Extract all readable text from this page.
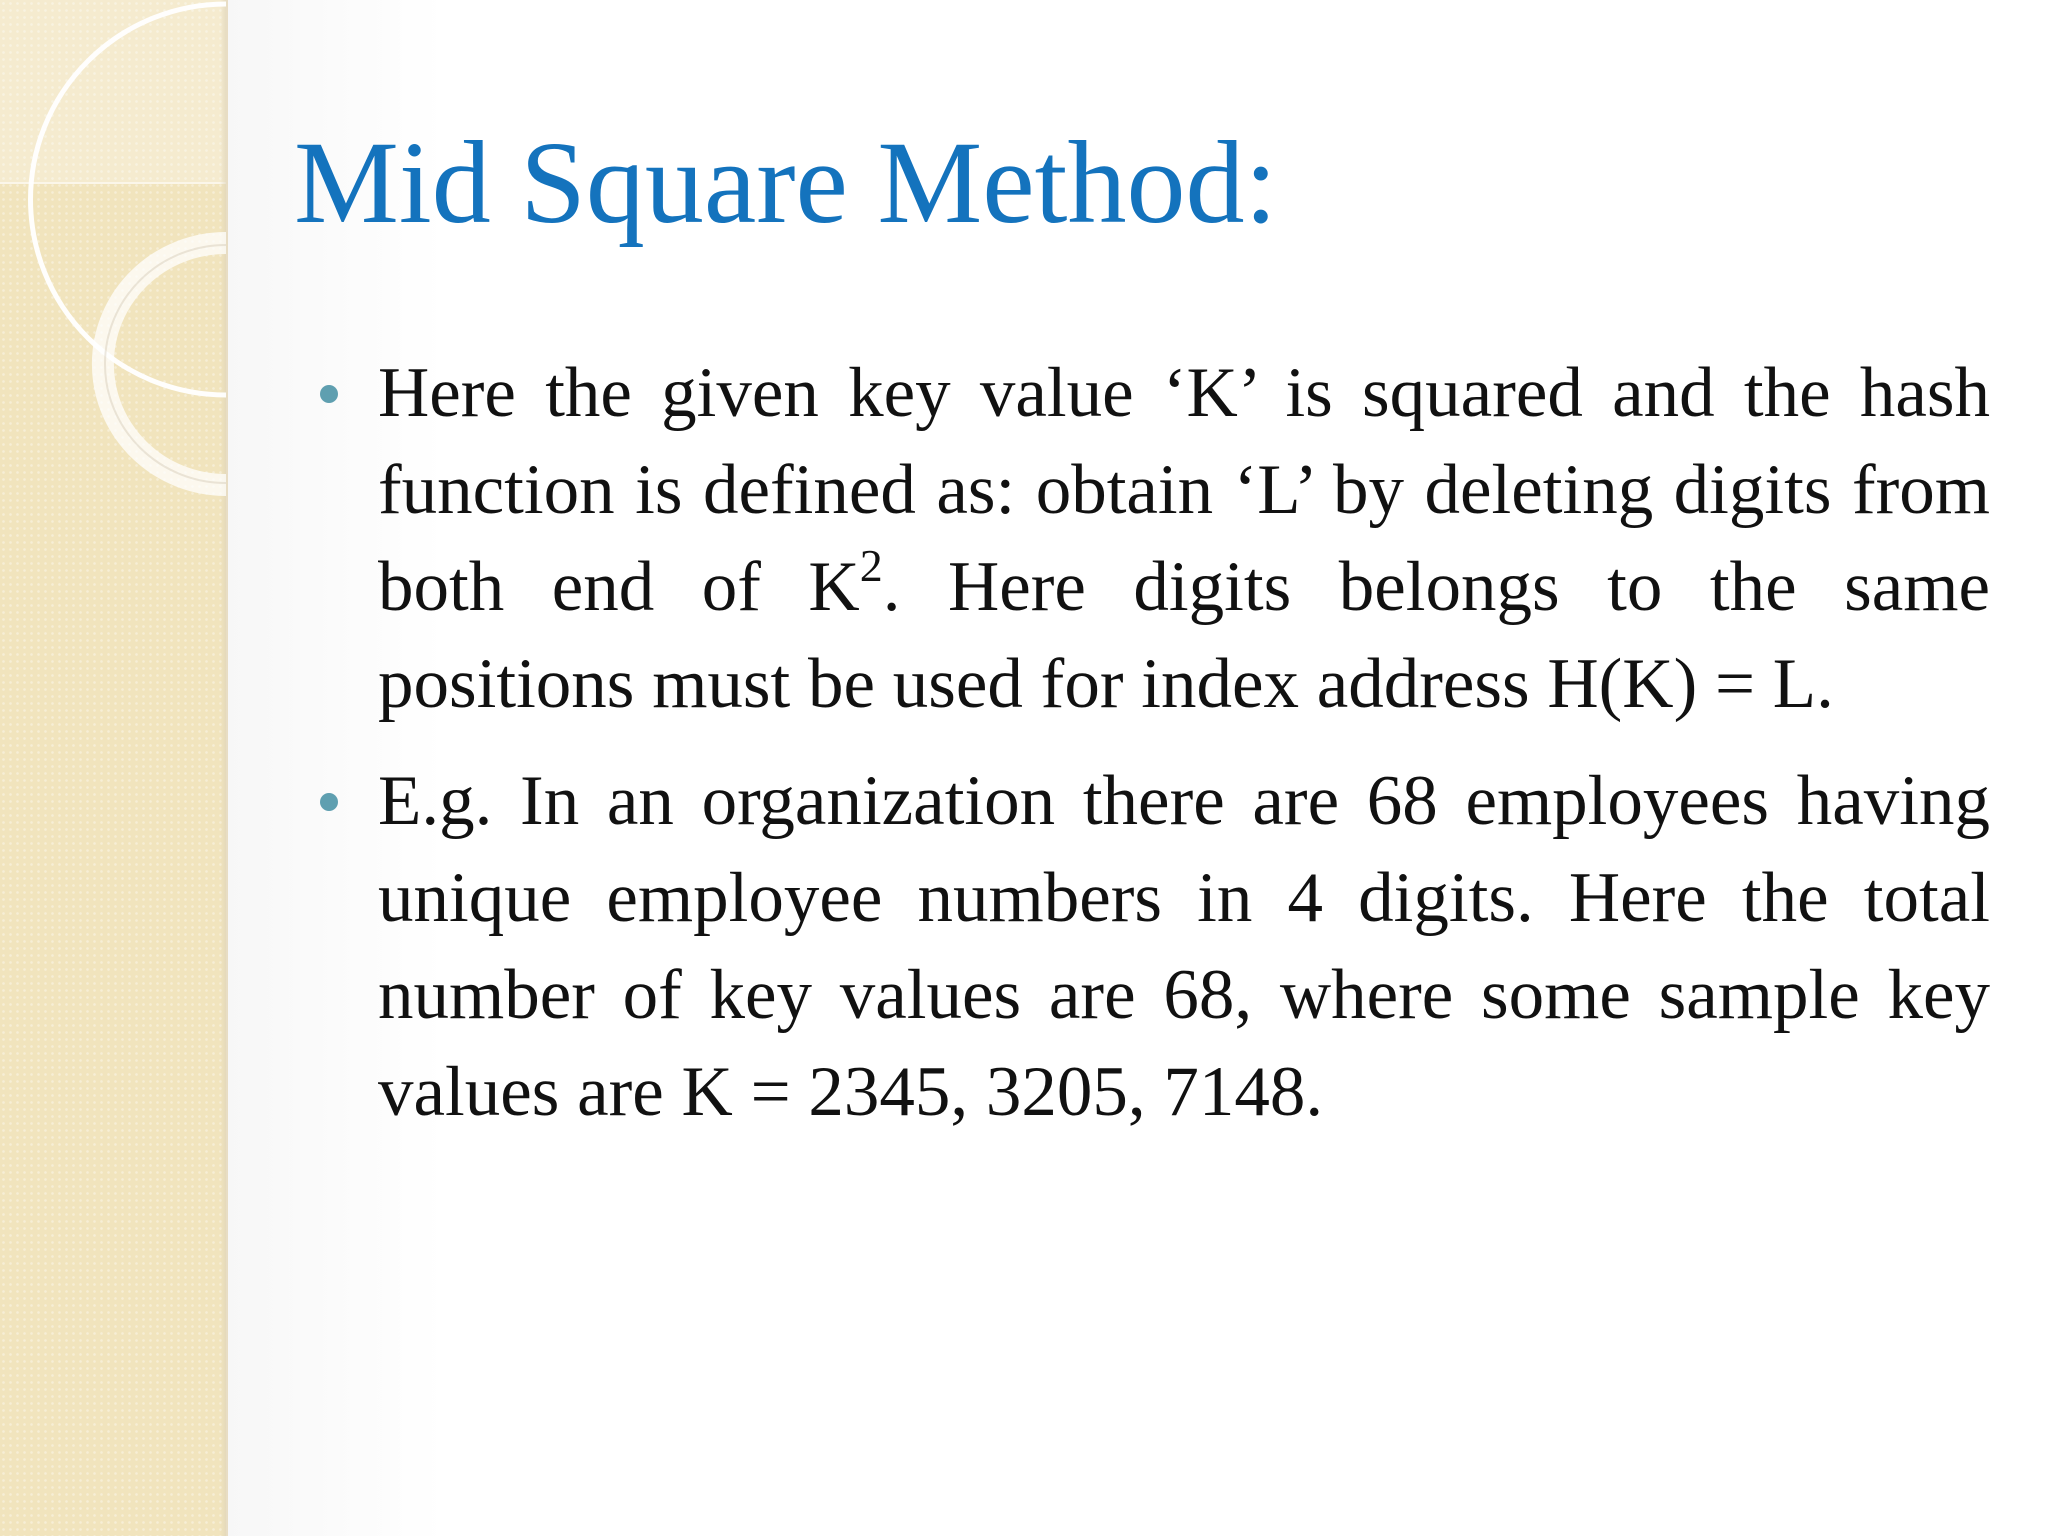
Mid Square Method:
Here the given key value ‘K’ is squared and the hash function is defined as: obtain ‘L’ by deleting digits from both end of $K^2$. Here digits belongs to the same positions must be used for index address H(K) = L.
E.g. In an organization there are 68 employees having unique employee numbers in 4 digits. Here the total number of key values are 68, where some sample key values are K = 2345, 3205, 7148.
